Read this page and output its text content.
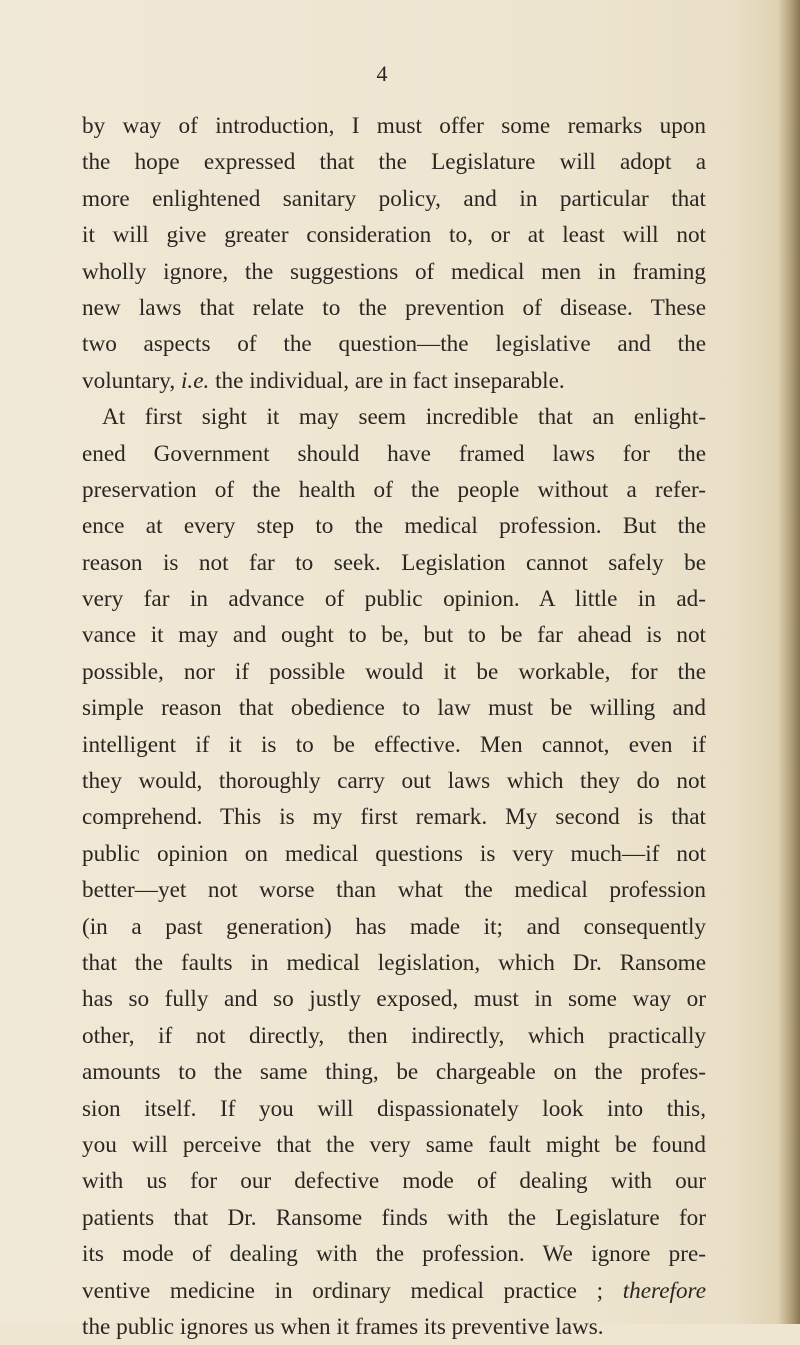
4
by way of introduction, I must offer some remarks upon
the hope expressed that the Legislature will adopt a
more enlightened sanitary policy, and in particular that
it will give greater consideration to, or at least will not
wholly ignore, the suggestions of medical men in framing
new laws that relate to the prevention of disease. These
two aspects of the question—the legislative and the
voluntary, i.e. the individual, are in fact inseparable.
At first sight it may seem incredible that an enlight-
ened Government should have framed laws for the
preservation of the health of the people without a refer-
ence at every step to the medical profession. But the
reason is not far to seek. Legislation cannot safely be
very far in advance of public opinion. A little in ad-
vance it may and ought to be, but to be far ahead is not
possible, nor if possible would it be workable, for the
simple reason that obedience to law must be willing and
intelligent if it is to be effective. Men cannot, even if
they would, thoroughly carry out laws which they do not
comprehend. This is my first remark. My second is that
public opinion on medical questions is very much—if not
better—yet not worse than what the medical profession
(in a past generation) has made it; and consequently
that the faults in medical legislation, which Dr. Ransome
has so fully and so justly exposed, must in some way or
other, if not directly, then indirectly, which practically
amounts to the same thing, be chargeable on the profes-
sion itself. If you will dispassionately look into this,
you will perceive that the very same fault might be found
with us for our defective mode of dealing with our
patients that Dr. Ransome finds with the Legislature for
its mode of dealing with the profession. We ignore pre-
ventive medicine in ordinary medical practice ; therefore
the public ignores us when it frames its preventive laws.
